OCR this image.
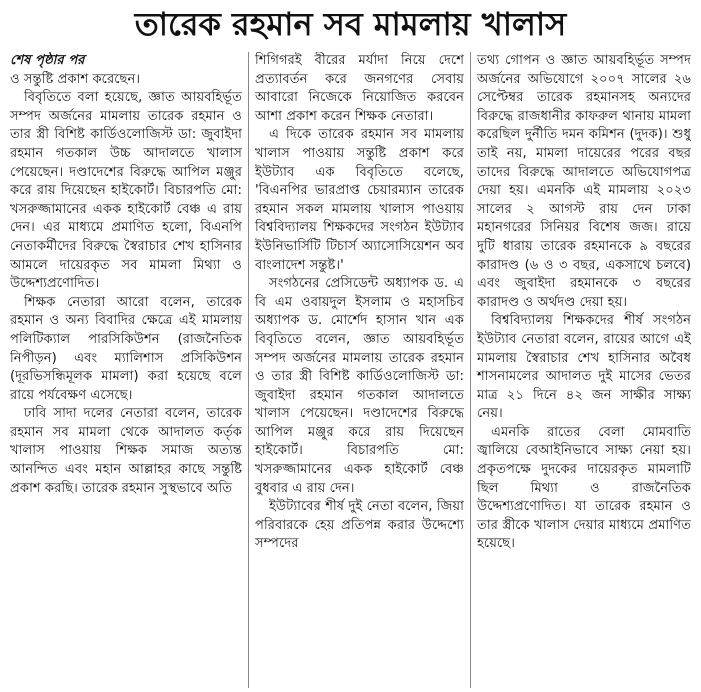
তারেক রহমান সব মামলায় খালাস
শেষ পৃষ্ঠার পর

ও সন্তুষ্টি প্রকাশ করেছেন।

বিবৃতিতে বলা হয়েছে, জ্ঞাত আয়বহির্ভূত সম্পদ অর্জনের মামলায় তারেক রহমান ও তার স্ত্রী বিশিষ্ট কার্ডিওলোজিস্ট ডা: জুবাইদা রহমান গতকাল উচ্চ আদালতে খালাস পেয়েছেন। দণ্ডাদেশের বিরুদ্ধে আপিল মঞ্জুর করে রায় দিয়েছেন হাইকোর্ট। বিচারপতি মো: খসরুজ্জামানের একক হাইকোর্ট বেঞ্চ এ রায় দেন। এর মাধ্যমে প্রমাণিত হলো, বিএনপি নেতাকর্মীদের বিরুদ্ধে স্বৈরাচার শেখ হাসিনার আমলে দায়েরকৃত সব মামলা মিথ্যা ও উদ্দেশ্যপ্রণোদিত।

শিক্ষক নেতারা আরো বলেন, তারেক রহমান ও অন্য বিবাদির ক্ষেত্রে এই মামলায় পলিটিক্যাল পারসিকিউশন (রাজনৈতিক নিপীড়ন) এবং ম্যালিশাস প্রসিকিউশন (দূরভিসন্ধিমূলক মামলা) করা হয়েছে বলে রায়ে পর্যবেক্ষণ এসেছে।

ঢাবি সাদা দলের নেতারা বলেন, তারেক রহমান সব মামলা থেকে আদালত কর্তৃক খালাস পাওয়ায় শিক্ষক সমাজ অত্যন্ত আনন্দিত এবং মহান আল্লাহর কাছে সন্তুষ্টি প্রকাশ করছি। তারেক রহমান সুস্থভাবে অতি

শিগিগরই বীরের মর্যাদা নিয়ে দেশে প্রত্যাবর্তন করে জনগণের সেবায় আবারো নিজেকে নিয়োজিত করবেন আশা প্রকাশ করেন শিক্ষক নেতারা।

এ দিকে তারেক রহমান সব মামলায় খালাস পাওয়ায় সন্তুষ্টি প্রকাশ করে ইউট্যাব এক বিবৃতিতে বলেছে, 'বিএনপির ভারপ্রাপ্ত চেয়ারম্যান তারেক রহমান সকল মামলায় খালাস পাওয়ায় বিশ্ববিদ্যালয় শিক্ষকদের সংগঠন ইউট্যাব ইউনিভার্সিটি টিচার্স অ্যাসোসিয়েশন অব বাংলাদেশ সন্তুষ্ট।'

সংগঠনের প্রেসিডেন্ট অধ্যাপক ড. এ বি এম ওবায়দুল ইসলাম ও মহাসচিব অধ্যাপক ড. মোর্শেদ হাসান খান এক বিবৃতিতে বলেন, জ্ঞাত আয়বহির্ভূত সম্পদ অর্জনের মামলায় তারেক রহমান ও তার স্ত্রী বিশিষ্ট কার্ডিওলোজিস্ট ডা: জুবাইদা রহমান গতকাল আদালতে খালাস পেয়েছেন। দণ্ডাদেশের বিরুদ্ধে আপিল মঞ্জুর করে রায় দিয়েছেন হাইকোর্ট। বিচারপতি মো: খসরুজ্জামানের একক হাইকোর্ট বেঞ্চ বুধবার এ রায় দেন।

ইউট্যাবের শীর্ষ দুই নেতা বলেন, জিয়া পরিবারকে হেয় প্রতিপন্ন করার উদ্দেশ্যে সম্পদের

তথ্য গোপন ও জ্ঞাত আয়বহির্ভূত সম্পদ অর্জনের অভিযোগে ২০০৭ সালের ২৬ সেপ্টেম্বর তারেক রহমানসহ অন্যদের বিরুদ্ধে রাজধানীর কাফরুল থানায় মামলা করেছিল দুর্নীতি দমন কমিশন (দুদক)। শুধু তাই নয়, মামলা দায়েরের পরের বছর তাদের বিরুদ্ধে আদালতে অভিযোগপত্র দেয়া হয়। এমনকি এই মামলায় ২০২৩ সালের ২ আগস্ট রায় দেন ঢাকা মহানগরের সিনিয়র বিশেষ জজ। রায়ে দুটি ধারায় তারেক রহমানকে ৯ বছরের কারাদণ্ড (৬ ও ৩ বছর, একসাথে চলবে) এবং জুবাইদা রহমানকে ৩ বছরের কারাদণ্ড ও অর্থদণ্ড দেয়া হয়।

বিশ্ববিদ্যালয় শিক্ষকদের শীর্ষ সংগঠন ইউট্যাব নেতারা বলেন, রায়ের আগে এই মামলায় স্বৈরাচার শেখ হাসিনার অবৈধ শাসনামলের আদালত দুই মাসের ভেতর মাত্র ২১ দিনে ৪২ জন সাক্ষীর সাক্ষ্য নেয়।

এমনকি রাতের বেলা মোমবাতি জ্বালিয়ে বেআইনিভাবে সাক্ষ্য নেয়া হয়। প্রকৃতপক্ষে দুদকের দায়েরকৃত মামলাটি ছিল মিথ্যা ও রাজনৈতিক উদ্দেশ্যপ্রণোদিত। যা তারেক রহমান ও তার স্ত্রীকে খালাস দেয়ার মাধ্যমে প্রমাণিত হয়েছে।
